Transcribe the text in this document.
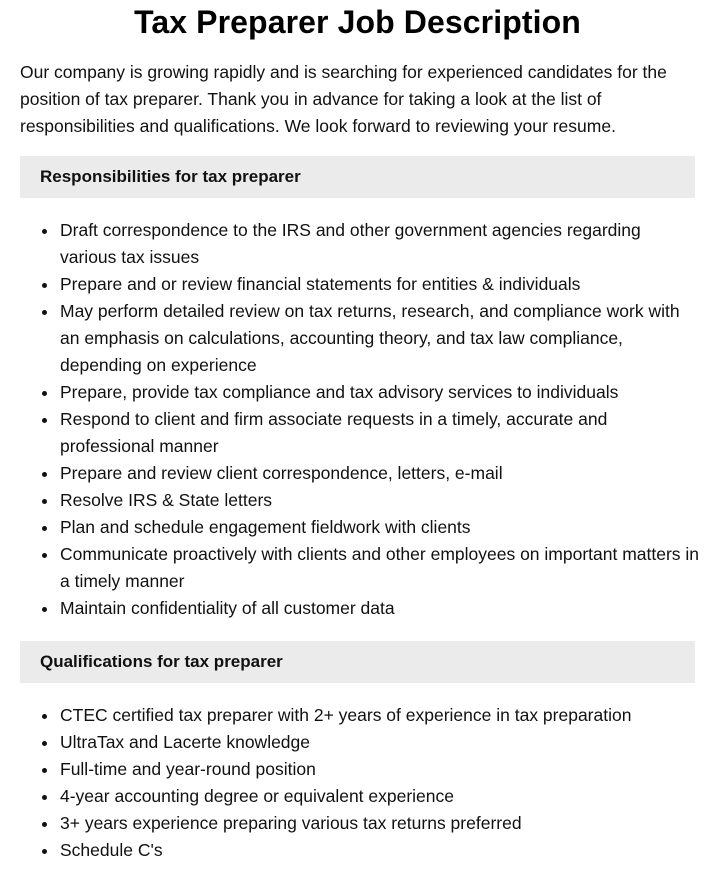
Tax Preparer Job Description

Our company is growing rapidly and is searching for experienced candidates for the position of tax preparer. Thank you in advance for taking a look at the list of responsibilities and qualifications. We look forward to reviewing your resume.

Responsibilities for tax preparer
Draft correspondence to the IRS and other government agencies regarding various tax issues
Prepare and or review financial statements for entities & individuals
May perform detailed review on tax returns, research, and compliance work with an emphasis on calculations, accounting theory, and tax law compliance, depending on experience
Prepare, provide tax compliance and tax advisory services to individuals
Respond to client and firm associate requests in a timely, accurate and professional manner
Prepare and review client correspondence, letters, e-mail
Resolve IRS & State letters
Plan and schedule engagement fieldwork with clients
Communicate proactively with clients and other employees on important matters in a timely manner
Maintain confidentiality of all customer data
Qualifications for tax preparer
CTEC certified tax preparer with 2+ years of experience in tax preparation
UltraTax and Lacerte knowledge
Full-time and year-round position
4-year accounting degree or equivalent experience
3+ years experience preparing various tax returns preferred
Schedule C's
